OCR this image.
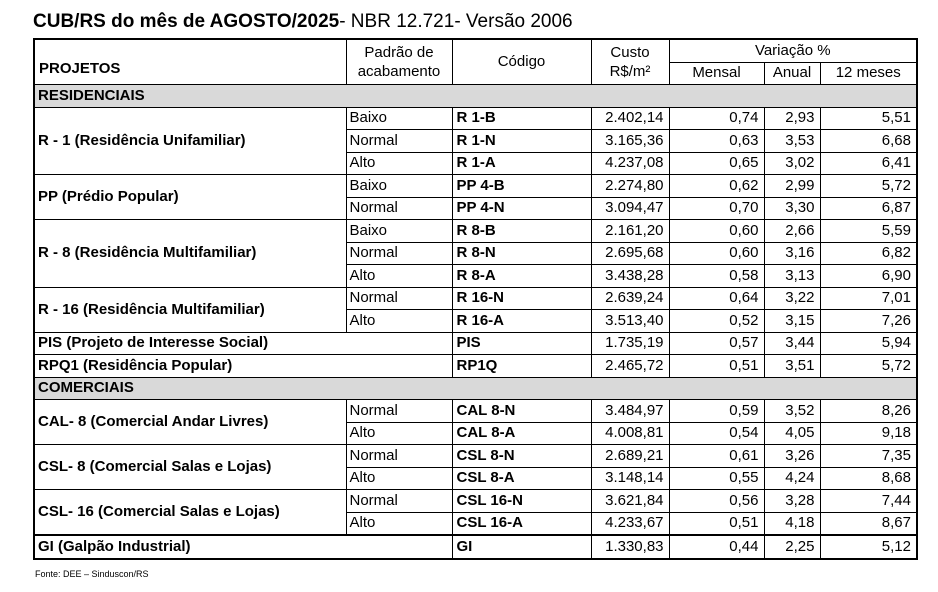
CUB/RS do mês de AGOSTO/2025- NBR 12.721- Versão 2006
PROJETOS	Padrão de acabamento	Código	Custo R$/m²	Variação %		
				Mensal	Anual	12 meses
RESIDENCIAIS						
R - 1 (Residência Unifamiliar)	Baixo	R 1-B	2.402,14	0,74	2,93	5,51
	Normal	R 1-N	3.165,36	0,63	3,53	6,68
	Alto	R 1-A	4.237,08	0,65	3,02	6,41
PP (Prédio Popular)	Baixo	PP 4-B	2.274,80	0,62	2,99	5,72
	Normal	PP 4-N	3.094,47	0,70	3,30	6,87
R - 8 (Residência Multifamiliar)	Baixo	R 8-B	2.161,20	0,60	2,66	5,59
	Normal	R 8-N	2.695,68	0,60	3,16	6,82
	Alto	R 8-A	3.438,28	0,58	3,13	6,90
R - 16 (Residência Multifamiliar)	Normal	R 16-N	2.639,24	0,64	3,22	7,01
	Alto	R 16-A	3.513,40	0,52	3,15	7,26
PIS (Projeto de Interesse Social)		PIS	1.735,19	0,57	3,44	5,94
RPQ1 (Residência Popular)		RP1Q	2.465,72	0,51	3,51	5,72
COMERCIAIS						
CAL- 8 (Comercial Andar Livres)	Normal	CAL 8-N	3.484,97	0,59	3,52	8,26
	Alto	CAL 8-A	4.008,81	0,54	4,05	9,18
CSL- 8 (Comercial Salas e Lojas)	Normal	CSL 8-N	2.689,21	0,61	3,26	7,35
	Alto	CSL 8-A	3.148,14	0,55	4,24	8,68
CSL- 16 (Comercial Salas e Lojas)	Normal	CSL 16-N	3.621,84	0,56	3,28	7,44
	Alto	CSL 16-A	4.233,67	0,51	4,18	8,67
GI (Galpão Industrial)		GI	1.330,83	0,44	2,25	5,12
Fonte: DEE – Sinduscon/RS
